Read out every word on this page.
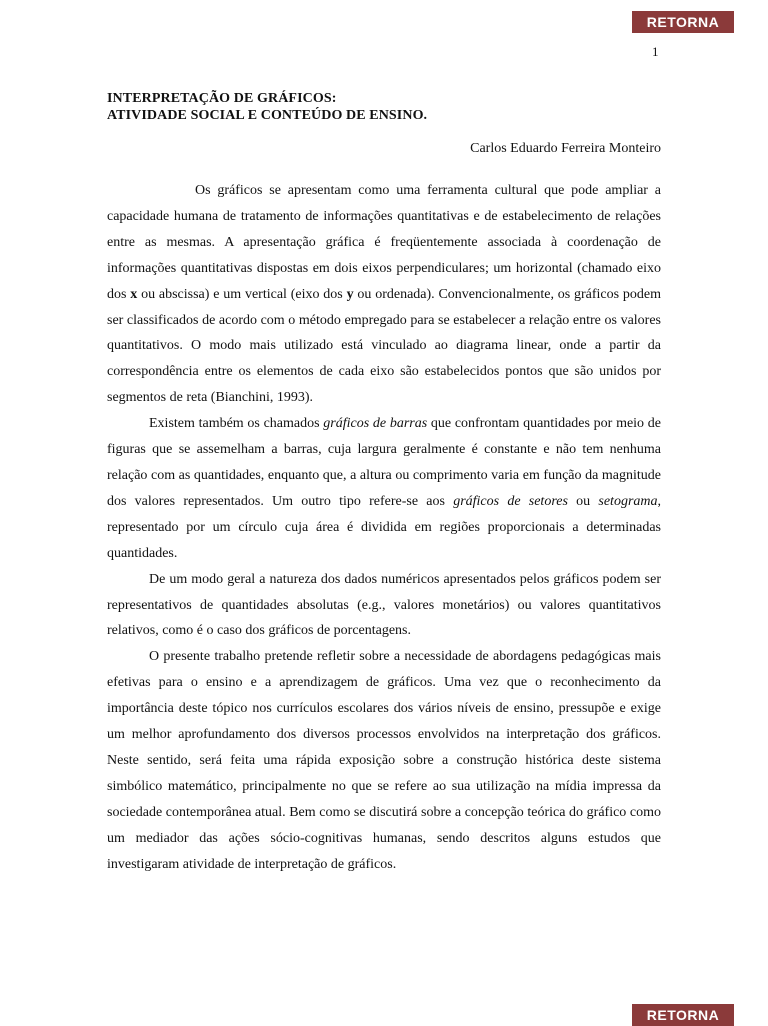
RETORNA
1
INTERPRETAÇÃO DE GRÁFICOS:
ATIVIDADE SOCIAL E CONTEÚDO DE ENSINO.
Carlos Eduardo Ferreira Monteiro

Os gráficos se apresentam como uma ferramenta cultural que pode ampliar a capacidade humana de tratamento de informações quantitativas e de estabelecimento de relações entre as mesmas. A apresentação gráfica é freqüentemente associada à coordenação de informações quantitativas dispostas em dois eixos perpendiculares; um horizontal (chamado eixo dos x ou abscissa) e um vertical (eixo dos y ou ordenada). Convencionalmente, os gráficos podem ser classificados de acordo com o método empregado para se estabelecer a relação entre os valores quantitativos. O modo mais utilizado está vinculado ao diagrama linear, onde a partir da correspondência entre os elementos de cada eixo são estabelecidos pontos que são unidos por segmentos de reta (Bianchini, 1993).

Existem também os chamados gráficos de barras que confrontam quantidades por meio de figuras que se assemelham a barras, cuja largura geralmente é constante e não tem nenhuma relação com as quantidades, enquanto que, a altura ou comprimento varia em função da magnitude dos valores representados. Um outro tipo refere-se aos gráficos de setores ou setograma, representado por um círculo cuja área é dividida em regiões proporcionais a determinadas quantidades.

De um modo geral a natureza dos dados numéricos apresentados pelos gráficos podem ser representativos de quantidades absolutas (e.g., valores monetários) ou valores quantitativos relativos, como é o caso dos gráficos de porcentagens.

O presente trabalho pretende refletir sobre a necessidade de abordagens pedagógicas mais efetivas para o ensino e a aprendizagem de gráficos. Uma vez que o reconhecimento da importância deste tópico nos currículos escolares dos vários níveis de ensino, pressupõe e exige um melhor aprofundamento dos diversos processos envolvidos na interpretação dos gráficos. Neste sentido, será feita uma rápida exposição sobre a construção histórica deste sistema simbólico matemático, principalmente no que se refere ao sua utilização na mídia impressa da sociedade contemporânea atual. Bem como se discutirá sobre a concepção teórica do gráfico como um mediador das ações sócio-cognitivas humanas, sendo descritos alguns estudos que investigaram atividade de interpretação de gráficos.

RETORNA
